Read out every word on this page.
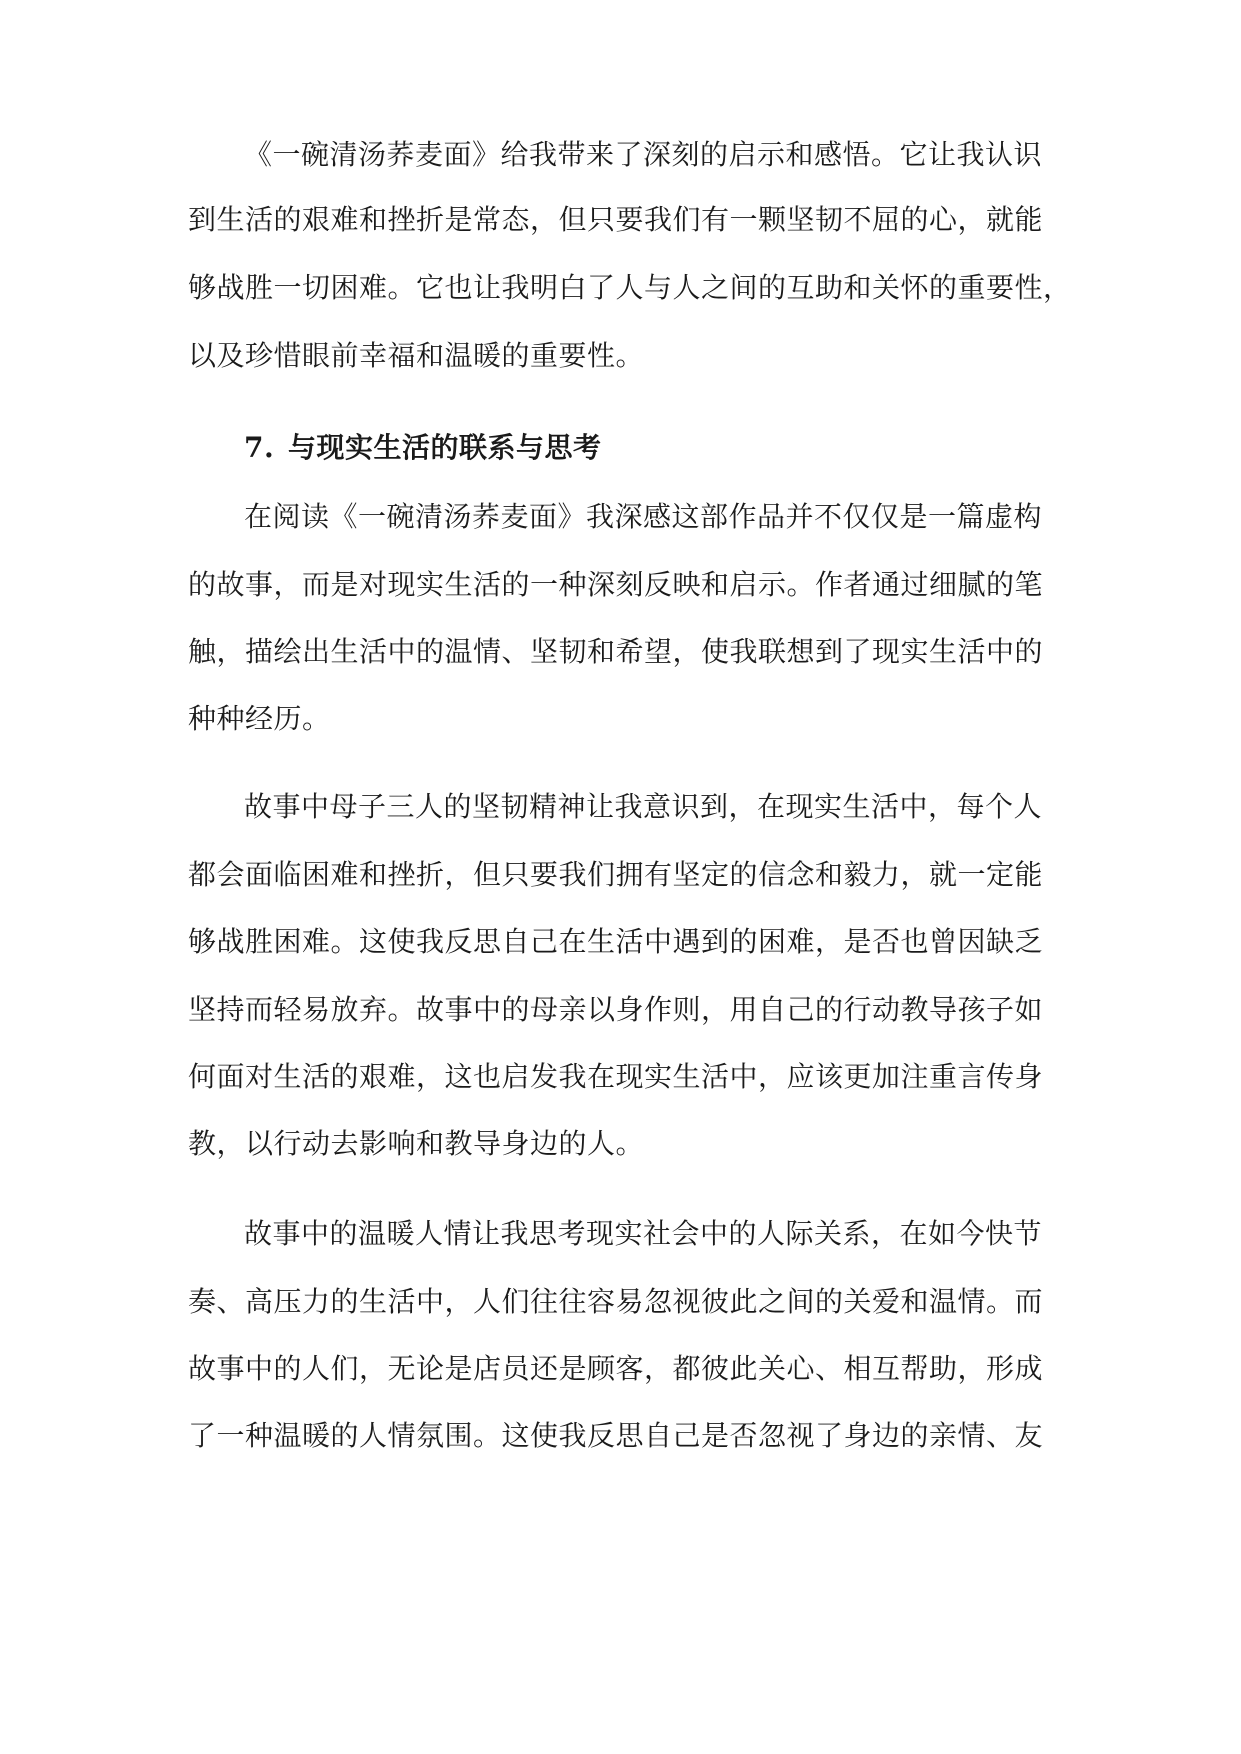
《一碗清汤荞麦面》给我带来了深刻的启示和感悟。它让我认识
到生活的艰难和挫折是常态，但只要我们有一颗坚韧不屈的心，就能
够战胜一切困难。它也让我明白了人与人之间的互助和关怀的重要性，
以及珍惜眼前幸福和温暖的重要性。
7. 与现实生活的联系与思考
在阅读《一碗清汤荞麦面》我深感这部作品并不仅仅是一篇虚构
的故事，而是对现实生活的一种深刻反映和启示。作者通过细腻的笔
触，描绘出生活中的温情、坚韧和希望，使我联想到了现实生活中的
种种经历。
故事中母子三人的坚韧精神让我意识到，在现实生活中，每个人
都会面临困难和挫折，但只要我们拥有坚定的信念和毅力，就一定能
够战胜困难。这使我反思自己在生活中遇到的困难，是否也曾因缺乏
坚持而轻易放弃。故事中的母亲以身作则，用自己的行动教导孩子如
何面对生活的艰难，这也启发我在现实生活中，应该更加注重言传身
教，以行动去影响和教导身边的人。
故事中的温暖人情让我思考现实社会中的人际关系，在如今快节
奏、高压力的生活中，人们往往容易忽视彼此之间的关爱和温情。而
故事中的人们，无论是店员还是顾客，都彼此关心、相互帮助，形成
了一种温暖的人情氛围。这使我反思自己是否忽视了身边的亲情、友
